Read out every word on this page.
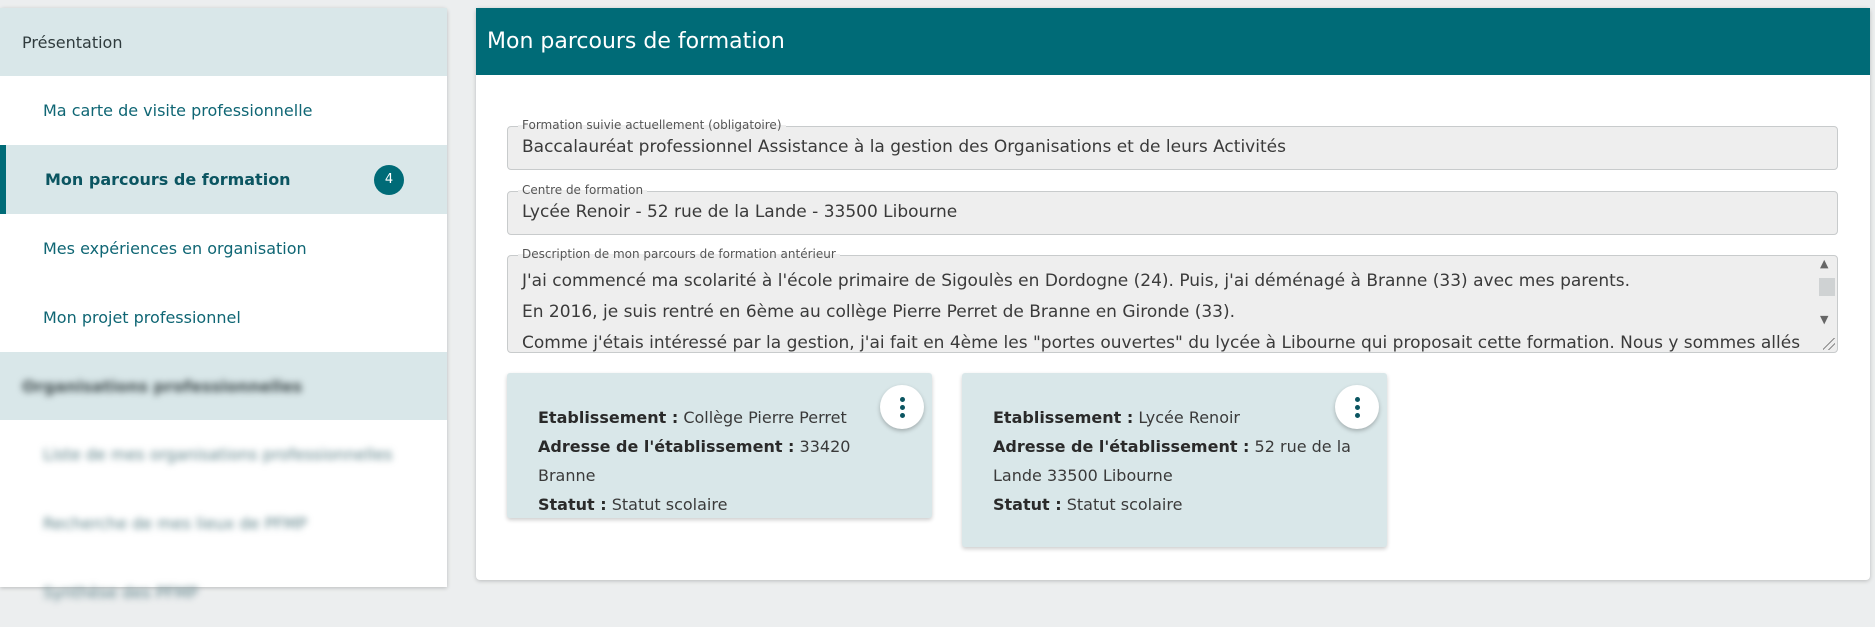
Présentation
Ma carte de visite professionnelle
Mon parcours de formation	4
Mes expériences en organisation
Mon projet professionnel
Organisations professionnelles
Liste de mes organisations professionnelles
Recherche de mes lieux de PFMP
Synthèse des PFMP
Mon parcours de formation
Formation suivie actuellement (obligatoire)
Baccalauréat professionnel Assistance à la gestion des Organisations et de leurs Activités
Centre de formation
Lycée Renoir - 52 rue de la Lande - 33500 Libourne
Description de mon parcours de formation antérieur
J'ai commencé ma scolarité à l'école primaire de Sigoulès en Dordogne (24). Puis, j'ai déménagé à Branne (33) avec mes parents.
En 2016, je suis rentré en 6ème au collège Pierre Perret de Branne en Gironde (33).
Comme j'étais intéressé par la gestion, j'ai fait en 4ème les "portes ouvertes" du lycée à Libourne qui proposait cette formation. Nous y sommes allés
▲
▼
Etablissement : Collège Pierre Perret
Adresse de l'établissement : 33420 Branne
Statut : Statut scolaire
Etablissement : Lycée Renoir
Adresse de l'établissement : 52 rue de la
Lande 33500 Libourne
Statut : Statut scolaire
